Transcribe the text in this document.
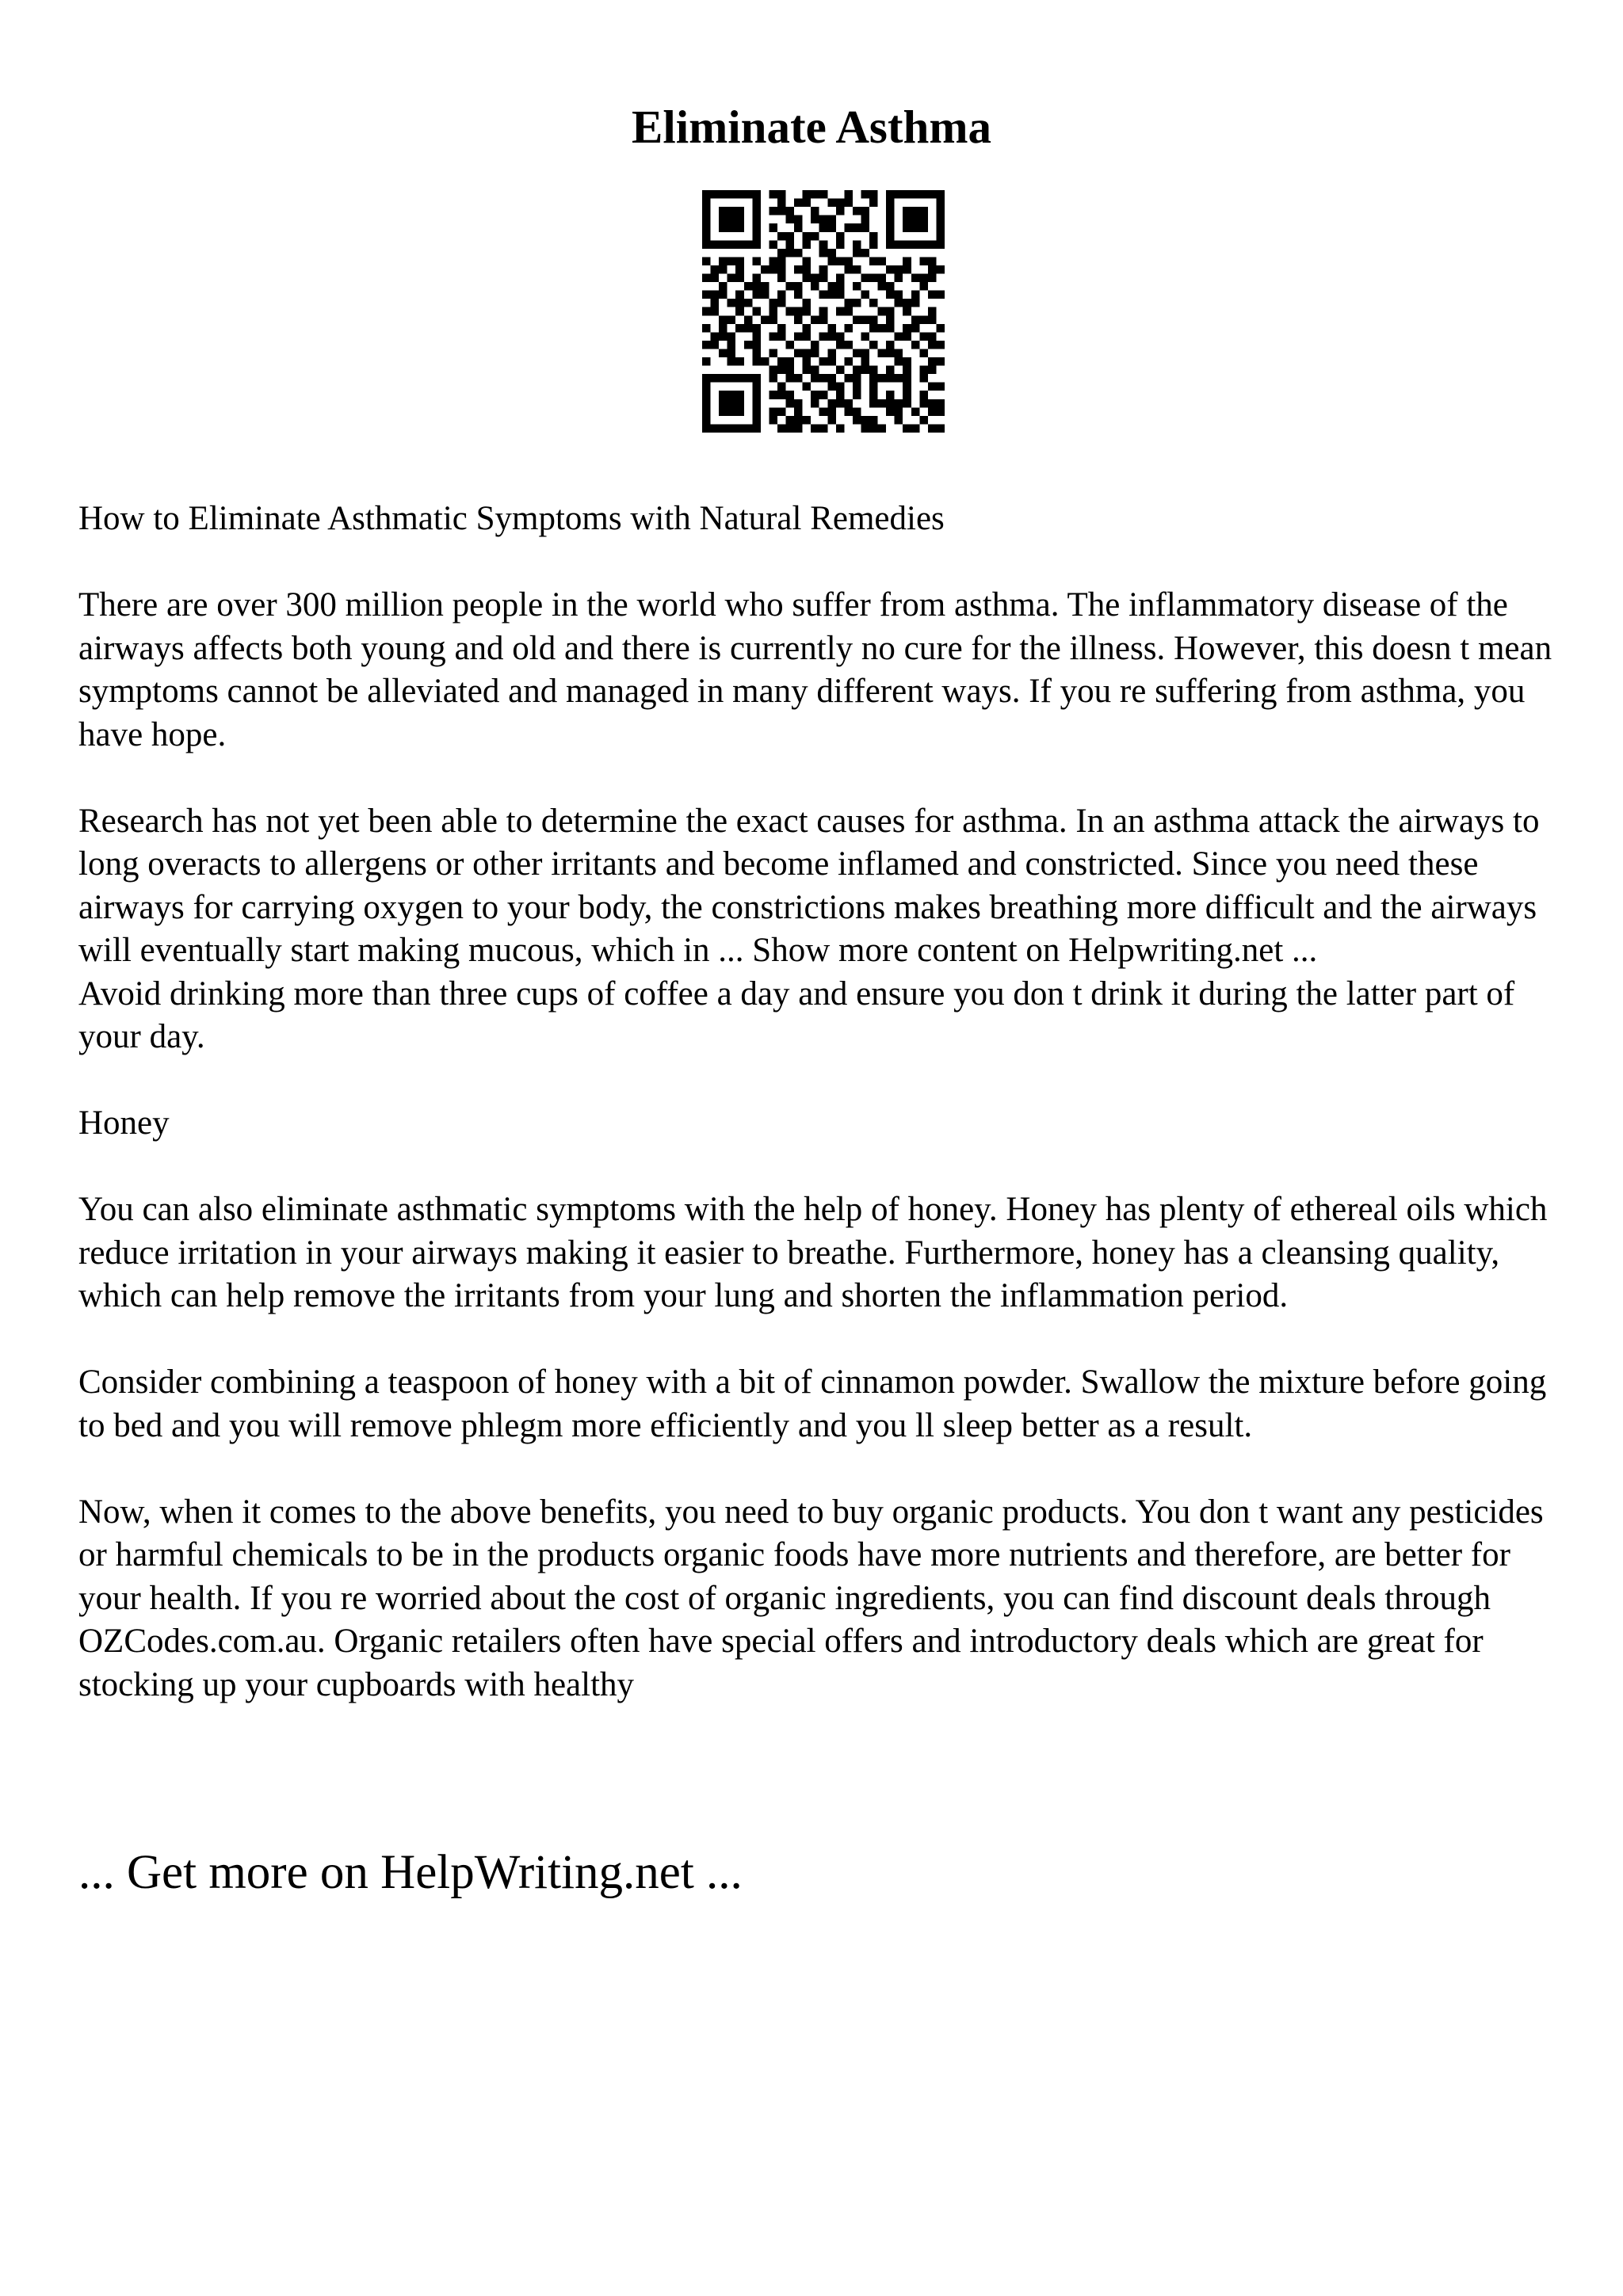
Eliminate Asthma

How to Eliminate Asthmatic Symptoms with Natural Remedies

There are over 300 million people in the world who suffer from asthma. The inflammatory disease of the airways affects both young and old and there is currently no cure for the illness. However, this doesn t mean symptoms cannot be alleviated and managed in many different ways. If you re suffering from asthma, you have hope.

Research has not yet been able to determine the exact causes for asthma. In an asthma attack the airways to long overacts to allergens or other irritants and become inflamed and constricted. Since you need these airways for carrying oxygen to your body, the constrictions makes breathing more difficult and the airways will eventually start making mucous, which in ... Show more content on Helpwriting.net ...

Avoid drinking more than three cups of coffee a day and ensure you don t drink it during the latter part of your day.

Honey

You can also eliminate asthmatic symptoms with the help of honey. Honey has plenty of ethereal oils which reduce irritation in your airways making it easier to breathe. Furthermore, honey has a cleansing quality, which can help remove the irritants from your lung and shorten the inflammation period.

Consider combining a teaspoon of honey with a bit of cinnamon powder. Swallow the mixture before going to bed and you will remove phlegm more efficiently and you ll sleep better as a result.

Now, when it comes to the above benefits, you need to buy organic products. You don t want any pesticides or harmful chemicals to be in the products organic foods have more nutrients and therefore, are better for your health. If you re worried about the cost of organic ingredients, you can find discount deals through OZCodes.com.au. Organic retailers often have special offers and introductory deals which are great for stocking up your cupboards with healthy

... Get more on HelpWriting.net ...
